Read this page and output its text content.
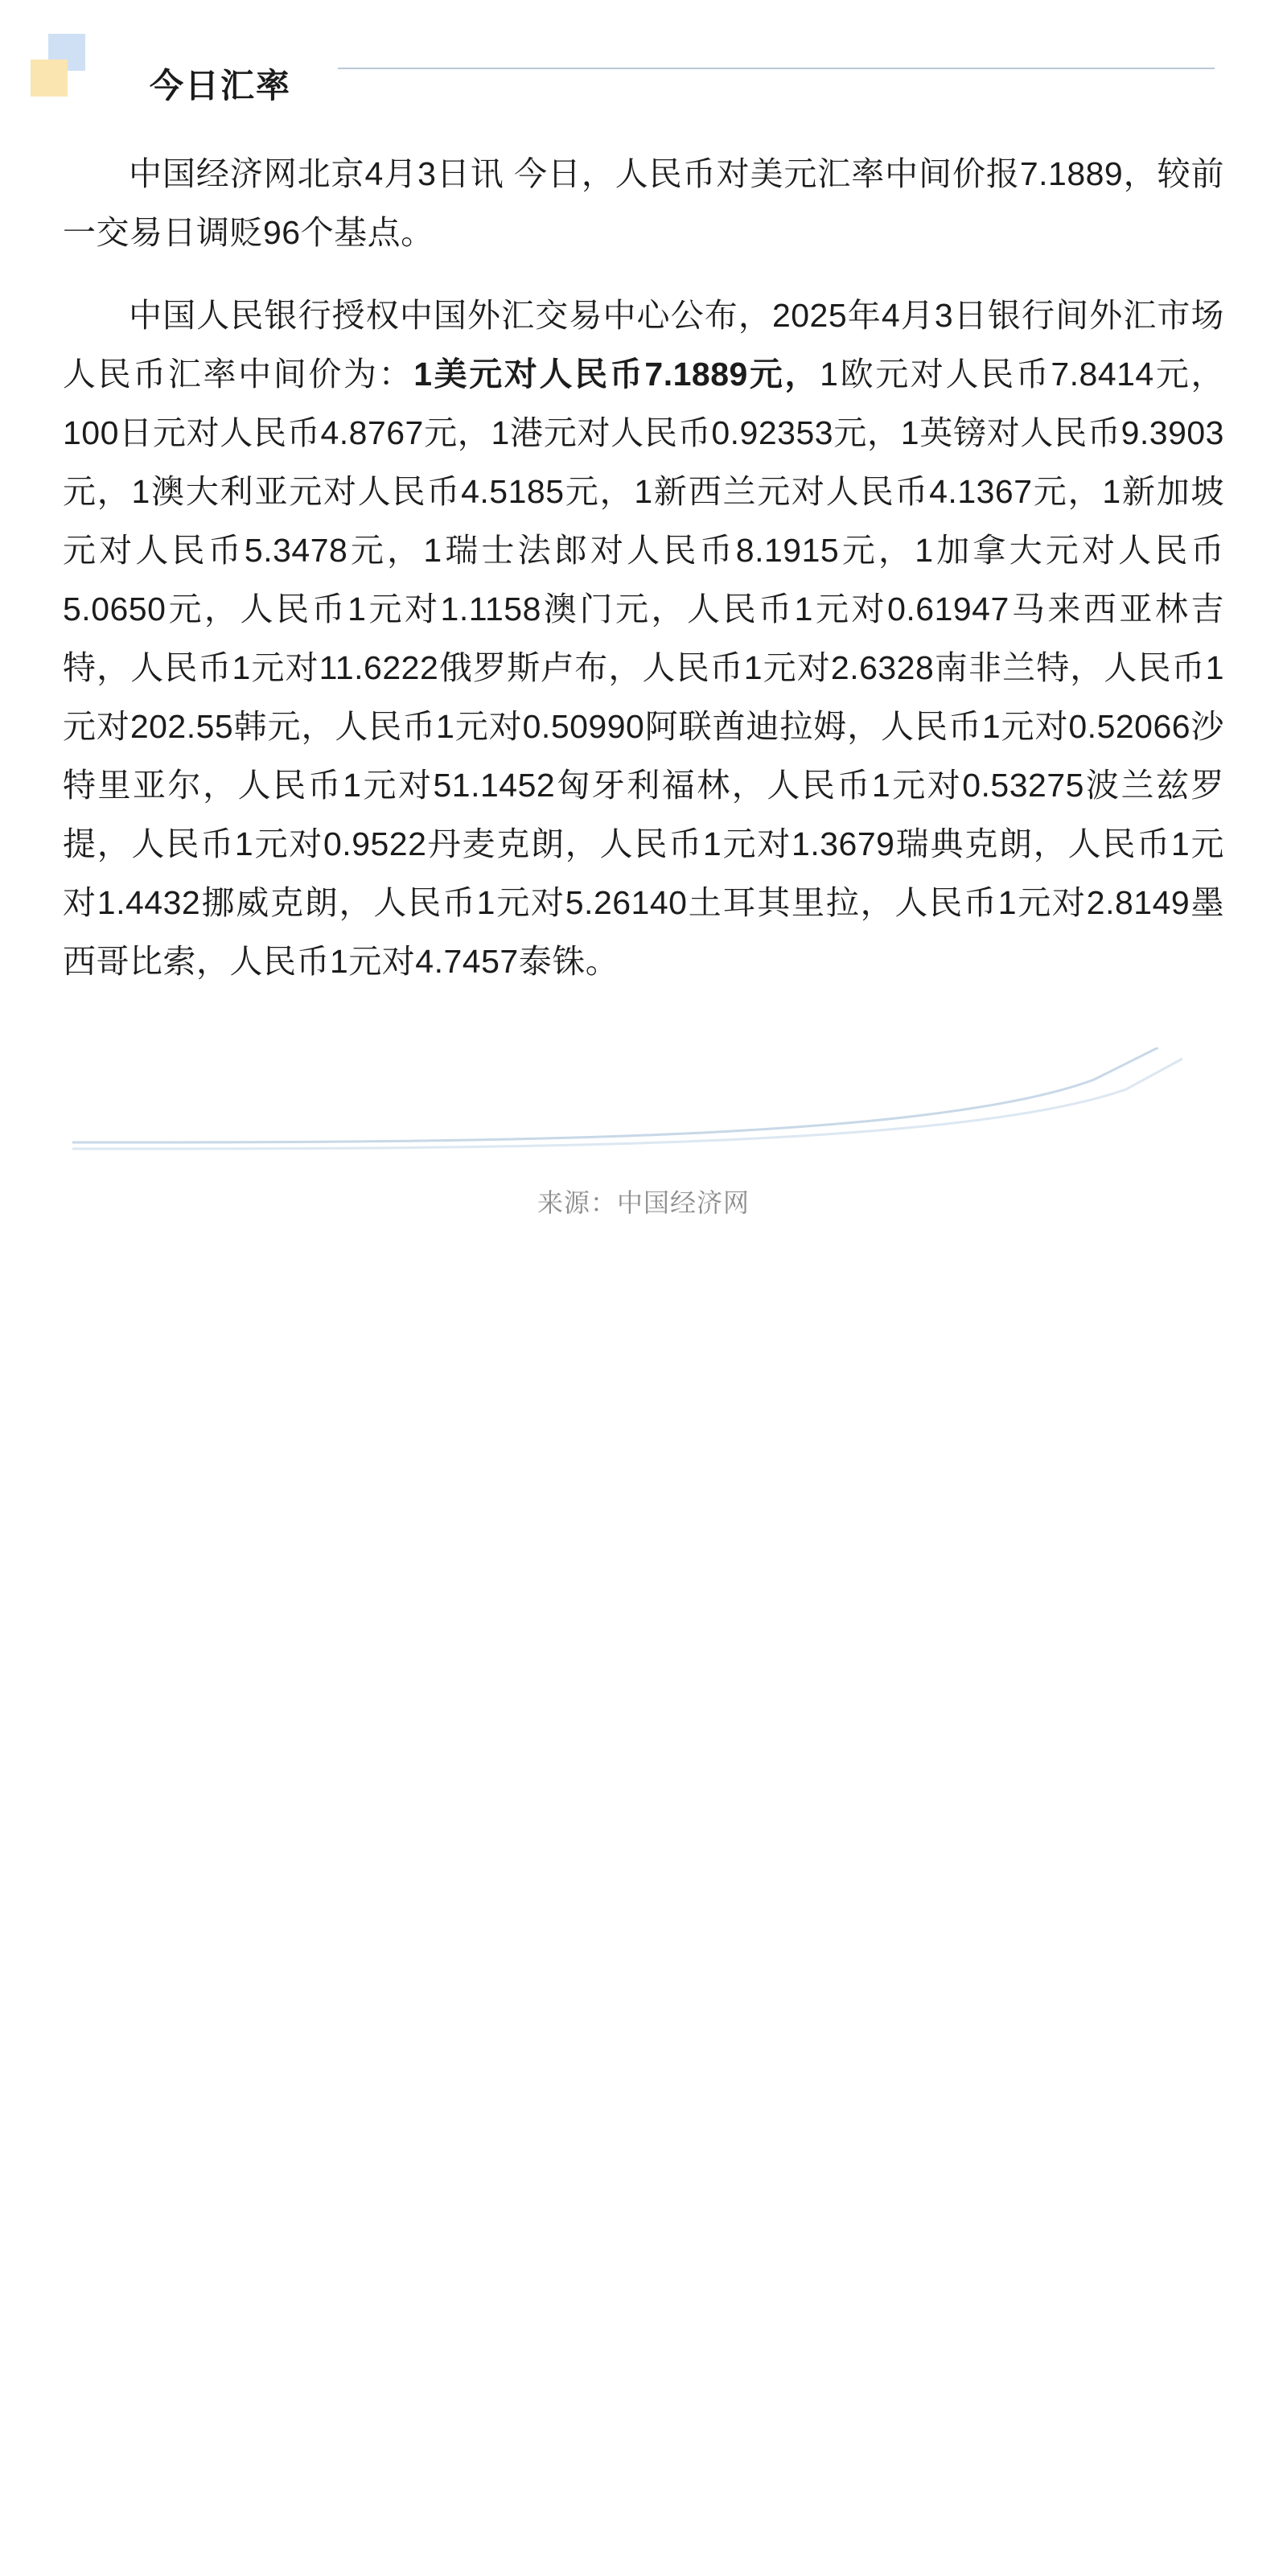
今日汇率

中国经济网北京4月3日讯 今日，人民币对美元汇率中间价报7.1889，较前一交易日调贬96个基点。

中国人民银行授权中国外汇交易中心公布，2025年4月3日银行间外汇市场人民币汇率中间价为：1美元对人民币7.1889元，1欧元对人民币7.8414元，100日元对人民币4.8767元，1港元对人民币0.92353元，1英镑对人民币9.3903元，1澳大利亚元对人民币4.5185元，1新西兰元对人民币4.1367元，1新加坡元对人民币5.3478元，1瑞士法郎对人民币8.1915元，1加拿大元对人民币5.0650元，人民币1元对1.1158澳门元，人民币1元对0.61947马来西亚林吉特，人民币1元对11.6222俄罗斯卢布，人民币1元对2.6328南非兰特，人民币1元对202.55韩元，人民币1元对0.50990阿联酋迪拉姆，人民币1元对0.52066沙特里亚尔，人民币1元对51.1452匈牙利福林，人民币1元对0.53275波兰兹罗提，人民币1元对0.9522丹麦克朗，人民币1元对1.3679瑞典克朗，人民币1元对1.4432挪威克朗，人民币1元对5.26140土耳其里拉，人民币1元对2.8149墨西哥比索，人民币1元对4.7457泰铢。

来源：中国经济网
